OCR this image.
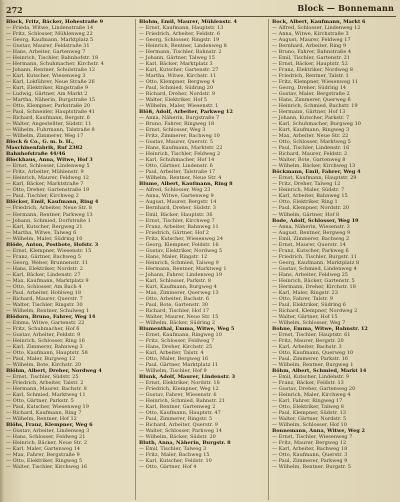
272	Block — Bonnemann
Block, Fritz, Bäcker, Hohestraße 9
— Frieda, Witwe, Lindenstraße 14
— Fritz, Schlosser, Mühlenweg 22
— Georg, Kaufmann, Marktplatz 5
— Gustav, Maurer, Feldstraße 31
— Hans, Arbeiter, Gartenweg 7
— Heinrich, Tischler, Bahnhofstr. 18
— Hermann, Schuhmacher, Kirchstr. 4
— Johann, Rentner, Schulstraße 12
— Karl, Kutscher, Wiesenweg 3
— Karl, Lokführer, Neue Straße 26
— Kurt, Elektriker, Ringstraße 9
— Ludwig, Gärtner, Am Markt 2
— Martha, Näherin, Burgstraße 15
— Otto, Klempner, Parkstraße 20
— Paul, Schneider, Hauptstraße 41
— Richard, Kaufmann, Bergstr. 6
— Walter, Angestellter, Südstr. 11
— Wilhelm, Fuhrmann, Talstraße 8
— Wilhelm, Zimmerer, Weg 17
Block & Co., G. m. b. H.,
Maschinenfabrik, Ruf 2382
Bahnhofstraße 44/46
Blockhaus, Anna, Witwe, Hof 3
— Ernst, Schlosser, Lindenweg 5
— Fritz, Arbeiter, Mühlenstr. 9
— Heinrich, Maurer, Feldweg 12
— Karl, Bäcker, Marktstraße 7
— Otto, Dreher, Gartenstraße 19
— Paul, Tischler, Kirchweg 2
Blöcker, Emil, Kaufmann, Ring 4
— Friedrich, Arbeiter, Neue Str. 8
— Hermann, Rentner, Parkweg 13
— Johann, Schmied, Dorfstraße 1
— Karl, Kutscher, Bergweg 21
— Martha, Witwe, Talweg 6
— Wilhelm, Maler, Südring 10
Blöde, Anton, Postbote, Hofstr. 3
— Ernst, Klempner, Wiesenstr. 15
— Franz, Gärtner, Bachweg 5
— Georg, Weber, Brunnenstr. 11
— Hans, Elektriker, Nordstr. 2
— Karl, Bäcker, Lindenstr. 27
— Max, Kaufmann, Marktplatz 9
— Otto, Schlosser, Am Bach 4
— Paul, Arbeiter, Hohlweg 18
— Richard, Maurer, Querstr. 7
— Walter, Tischler, Ringstr. 30
— Wilhelm, Rentner, Schulweg 1
Blödorn, Bruno, Fahrer, Weg 14
— Emma, Witwe, Gartenstr. 22
— Fritz, Schuhmacher, Hof 6
— Gustav, Arbeiter, Feldstr. 9
— Heinrich, Schlosser, Ring 16
— Karl, Zimmerer, Bahnweg 3
— Otto, Kaufmann, Hauptstr. 58
— Paul, Maler, Burgweg 12
— Wilhelm, Bote, Kirchstr. 20
Blöhm, Albert, Dreher, Nordweg 4
— Ernst, Tischler, Südstr. 25
— Friedrich, Arbeiter, Talstr. 2
— Hermann, Maurer, Bachstr. 8
— Karl, Schmied, Marktweg 11
— Otto, Gärtner, Parkstr. 5
— Paul, Kutscher, Wiesenweg 19
— Richard, Kaufmann, Ring 7
— Wilhelm, Rentner, Hof 12
Blöhs, Franz, Klempner, Weg 6
— Gustav, Arbeiter, Lindenweg 3
— Hans, Schlosser, Feldweg 21
— Heinrich, Bäcker, Neue Str. 2
— Karl, Maler, Gartenweg 14
— Max, Fahrer, Bergstraße 9
— Otto, Elektriker, Ringweg 5
— Walter, Tischler, Kirchweg 16
Blohm, Emil, Maurer, Mühlenstr. 4
— Ernst, Kaufmann, Hauptstr. 13
— Friedrich, Arbeiter, Feldstr. 6
— Georg, Schlosser, Ringstr. 19
— Heinrich, Rentner, Lindenweg 8
— Hermann, Tischler, Bahnstr. 2
— Johann, Gärtner, Talweg 15
— Karl, Bäcker, Marktplatz 3
— Karl, Kutscher, Gartenstr. 27
— Martha, Witwe, Kirchstr. 11
— Otto, Klempner, Bergweg 4
— Paul, Schmied, Südring 20
— Richard, Dreher, Nordstr. 9
— Walter, Elektriker, Hof 5
— Wilhelm, Maler, Wiesenstr. 1
Blöß, Adolf, Arbeiter, Parkweg 12
— Anna, Näherin, Burgstraße 7
— Bruno, Fahrer, Ringweg 18
— Ernst, Schlosser, Weg 3
— Fritz, Zimmerer, Bachweg 10
— Gustav, Maurer, Querstr. 5
— Hans, Kaufmann, Marktstr. 22
— Heinrich, Tischler, Feldweg 2
— Karl, Schuhmacher, Hof 14
— Otto, Gärtner, Lindenstr. 6
— Paul, Arbeiter, Talstraße 17
— Wilhelm, Rentner, Neue Str. 4
Blume, Albert, Kaufmann, Ring 8
— Alfred, Schlosser, Weg 23
— Anna, Witwe, Gartenweg 9
— August, Maurer, Bergstr. 14
— Bernhard, Dreher, Südstr. 3
— Emil, Bäcker, Hauptstr. 36
— Ernst, Tischler, Kirchweg 7
— Franz, Arbeiter, Bahnweg 11
— Friedrich, Gärtner, Hof 2
— Fritz, Kutscher, Wiesenweg 24
— Georg, Klempner, Feldstr. 16
— Gustav, Elektriker, Nordweg 5
— Hans, Maler, Ringstr. 12
— Heinrich, Schmied, Talweg 9
— Hermann, Rentner, Marktweg 1
— Johann, Fahrer, Lindenweg 19
— Karl, Schlosser, Parkstr. 8
— Kurt, Kaufmann, Burgweg 4
— Max, Zimmerer, Querweg 13
— Otto, Arbeiter, Bachstr. 6
— Paul, Bote, Gartenstr. 30
— Richard, Tischler, Hof 17
— Walter, Maurer, Neue Str. 15
— Wilhelm, Bäcker, Südring 2
Blumenthal, Emma, Witwe, Weg 5
— Ernst, Kaufmann, Ringweg 10
— Fritz, Schlosser, Feldweg 7
— Hans, Dreher, Kirchstr. 25
— Karl, Arbeiter, Talstr. 4
— Otto, Maler, Bergweg 16
— Paul, Gärtner, Marktplatz 11
— Wilhelm, Tischler, Hof 9
Blunk, Adolf, Maurer, Lindenstr. 3
— Ernst, Elektriker, Nordstr. 18
— Friedrich, Klempner, Weg 12
— Gustav, Fahrer, Wiesenstr. 6
— Heinrich, Schmied, Bahnstr. 21
— Karl, Rentner, Gartenweg 2
— Otto, Kaufmann, Hauptstr. 47
— Paul, Zimmerer, Ringstr. 5
— Richard, Arbeiter, Querstr. 9
— Walter, Schlosser, Parkweg 14
— Wilhelm, Bäcker, Südstr. 20
Bluth, Anna, Näherin, Burgstr. 8
— Emil, Tischler, Talweg 3
— Fritz, Maler, Bachweg 15
— Karl, Kutscher, Feldstr. 10
— Otto, Gärtner, Hof 4
Bock, Albert, Kaufmann, Markt 6
— Alfred, Schlosser, Lindenweg 12
— Anna, Witwe, Kirchstraße 3
— August, Maurer, Feldweg 17
— Bernhard, Arbeiter, Ring 9
— Bruno, Fahrer, Bahnstraße 4
— Emil, Tischler, Gartenstr. 21
— Ernst, Bäcker, Hauptstr. 52
— Franz, Elektriker, Nordweg 8
— Friedrich, Rentner, Talstr. 1
— Fritz, Klempner, Wiesenweg 11
— Georg, Dreher, Südring 14
— Gustav, Maler, Bergstraße 2
— Hans, Zimmerer, Querweg 6
— Heinrich, Schmied, Bachstr. 19
— Hermann, Gärtner, Hof 13
— Johann, Kutscher, Parkstr. 7
— Karl, Schuhmacher, Burgweg 10
— Kurt, Kaufmann, Ringweg 3
— Max, Arbeiter, Neue Str. 22
— Otto, Schlosser, Marktweg 5
— Paul, Tischler, Lindenstr. 16
— Richard, Maurer, Feldstr. 2
— Walter, Bote, Gartenweg 8
— Wilhelm, Bäcker, Kirchweg 13
Böckmann, Emil, Fahrer, Weg 4
— Ernst, Kaufmann, Hauptstr. 29
— Fritz, Dreher, Talweg 12
— Heinrich, Maler, Südstr. 7
— Karl, Arbeiter, Bahnweg 15
— Otto, Elektriker, Ring 1
— Paul, Klempner, Nordstr. 20
— Wilhelm, Gärtner, Hof 8
Bode, Adolf, Schlosser, Weg 19
— Anna, Näherin, Wiesenstr. 3
— August, Rentner, Bergweg 9
— Emil, Zimmerer, Bachweg 2
— Ernst, Maurer, Querstr. 14
— Franz, Kutscher, Parkweg 6
— Friedrich, Tischler, Burgstr. 11
— Georg, Kaufmann, Marktplatz 8
— Gustav, Schmied, Lindenweg 4
— Hans, Arbeiter, Feldweg 25
— Heinrich, Bäcker, Gartenstr. 5
— Hermann, Dreher, Kirchstr. 18
— Karl, Maler, Ringstr. 23
— Otto, Fahrer, Talstr. 9
— Paul, Elektriker, Südring 6
— Richard, Klempner, Nordweg 2
— Walter, Gärtner, Hof 15
— Wilhelm, Schlosser, Weg 7
Bohne, Emma, Witwe, Bahnstr. 12
— Ernst, Tischler, Hauptstr. 61
— Fritz, Maurer, Bergstr. 20
— Karl, Arbeiter, Bachstr. 3
— Otto, Kaufmann, Querweg 10
— Paul, Zimmerer, Parkstr. 16
— Wilhelm, Rentner, Burgweg 1
Böhm, Albert, Schmied, Markt 14
— Emil, Kutscher, Lindenstr. 9
— Franz, Bäcker, Feldstr. 13
— Gustav, Dreher, Gartenweg 20
— Heinrich, Maler, Kirchweg 4
— Karl, Fahrer, Ringweg 17
— Otto, Elektriker, Talweg 8
— Paul, Klempner, Südstr. 13
— Walter, Gärtner, Nordstr. 5
— Wilhelm, Schlosser, Hof 10
Bonnemann, Anna, Witwe, Weg 2
— Ernst, Tischler, Wiesenweg 7
— Fritz, Maurer, Bergweg 12
— Karl, Arbeiter, Bachweg 18
— Otto, Kaufmann, Querstr. 3
— Paul, Zimmerer, Parkweg 9
— Wilhelm, Rentner, Burgstr. 5
